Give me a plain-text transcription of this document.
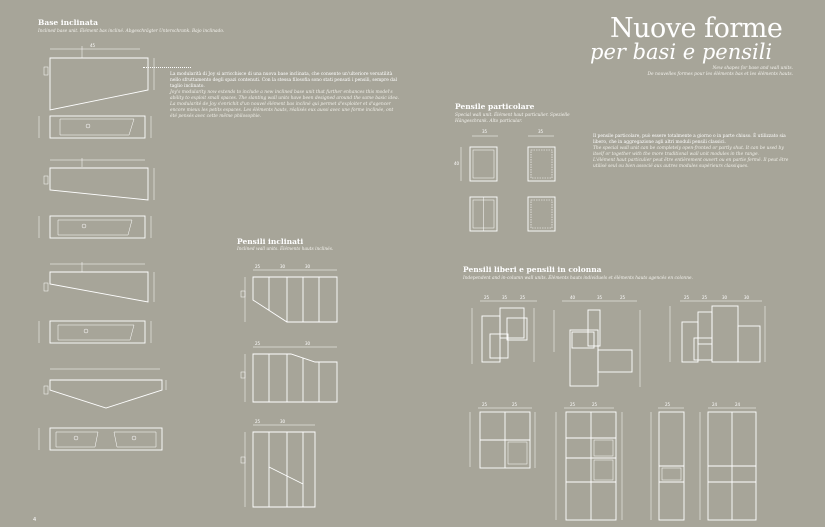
Base inclinata
Inclined base unit. Élément bas incliné. Abgeschrägter Unterschrank. Bajo inclinado.
La modularità di Joy si arricchisce di una nuova base inclinata, che consente un'ulteriore versatilità nello sfruttamento degli spazi contenuti. Con la stessa filosofia sono stati pensati i pensili, sempre dal taglio inclinato.
Joy's modularity now extends to include a new inclined base unit that further enhances this model's ability to exploit small spaces. The slanting wall units have been designed around the same basic idea.
La modularité de Joy s'enrichit d'un nouvel élément bas incliné qui permet d'exploiter et d'agencer encore mieux les petits espaces. Les éléments hauts, réalisés eux aussi avec une forme inclinée, ont été pensés avec cette même philosophie.
45
Pensili inclinati
Inclined wall units. Éléments hauts inclinés.
25	30	30
25	30
25	30
4
Nuove forme
per basi e pensili
New shapes for base and wall units.
De nouvelles formes pour les éléments bas et les éléments hauts.
Pensile particolare
Special wall unit. Élément haut particulier. Spezielle
Hängeschrank. Alto particular.
Il pensile particolare, può essere totalmente a giorno o in parte chiuso. È utilizzato sia libero, che in aggregazione agli altri moduli pensili classici.
The special wall unit can be completely open-fronted or partly shut. It can be used by itself or together with the more traditional wall unit modules in the range.
L'élément haut particulier peut être entièrement ouvert ou en partie fermé. Il peut être utilisé seul ou bien associé aux autres modules supérieurs classiques.
35	35
40
Pensili liberi e pensili in colonna
Independent and in-column wall units. Éléments hauts individuels et éléments hauts agencés en colonne.
25	35	25	40	35	25	25	25	30	30
25	25	25	25	25	24	24
